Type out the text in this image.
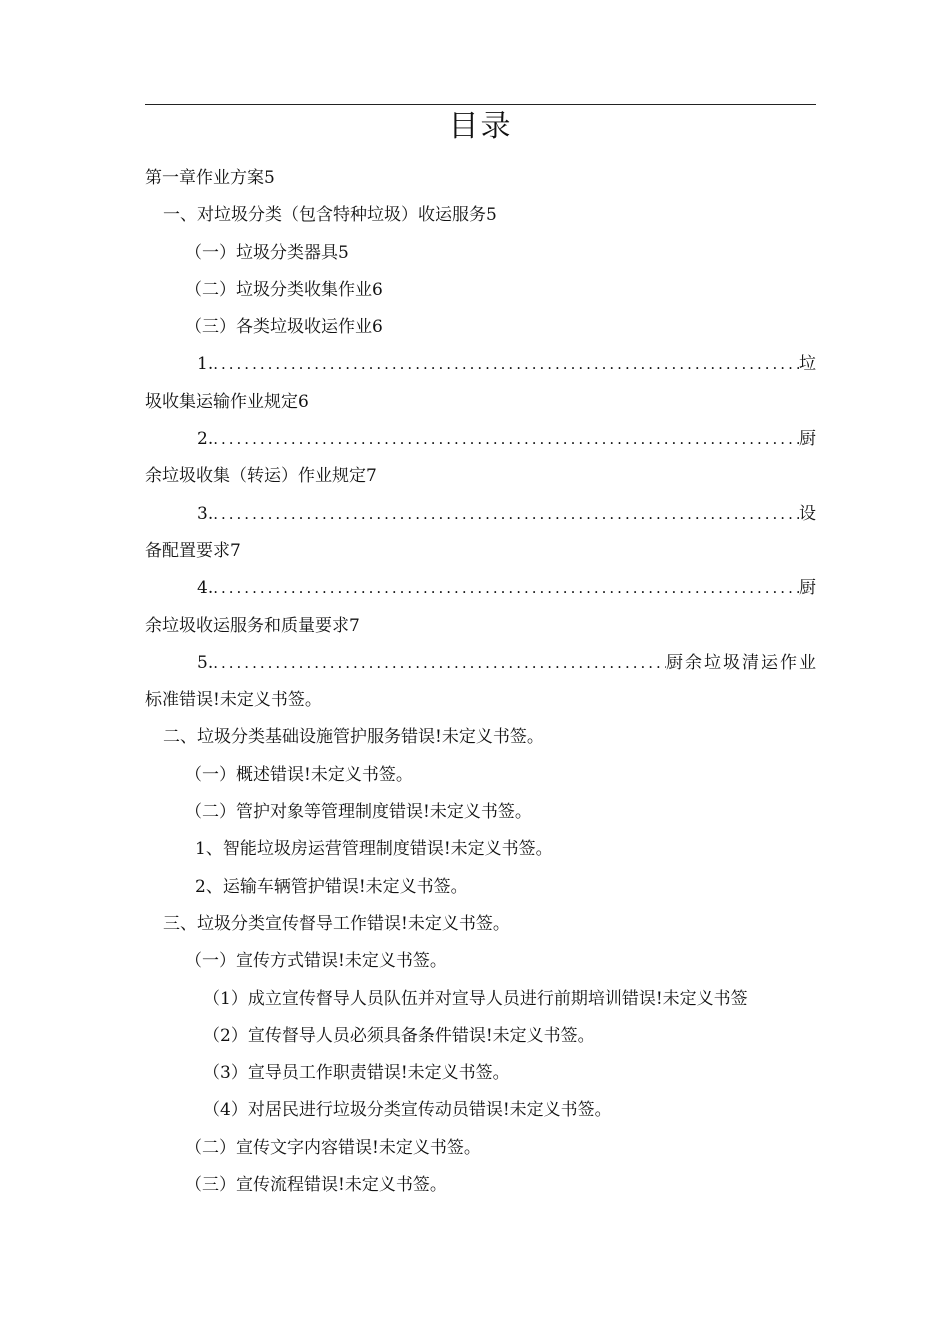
目录
第一章作业方案5
一、对垃圾分类（包含特种垃圾）收运服务5
（一）垃圾分类器具5
（二）垃圾分类收集作业6
（三）各类垃圾收运作业6
1. .....	垃
圾收集运输作业规定6
2. .....	厨
余垃圾收集（转运）作业规定7
3. .....	设
备配置要求7
4. .....	厨
余垃圾收运服务和质量要求7
5. .....	厨余垃圾清运作业
标准错误!未定义书签。
二、垃圾分类基础设施管护服务错误!未定义书签。
（一）概述错误!未定义书签。
（二）管护对象等管理制度错误!未定义书签。
1、智能垃圾房运营管理制度错误!未定义书签。
2、运输车辆管护错误!未定义书签。
三、垃圾分类宣传督导工作错误!未定义书签。
（一）宣传方式错误!未定义书签。
（1）成立宣传督导人员队伍并对宣导人员进行前期培训错误!未定义书签
（2）宣传督导人员必须具备条件错误!未定义书签。
（3）宣导员工作职责错误!未定义书签。
（4）对居民进行垃圾分类宣传动员错误!未定义书签。
（二）宣传文字内容错误!未定义书签。
（三）宣传流程错误!未定义书签。
